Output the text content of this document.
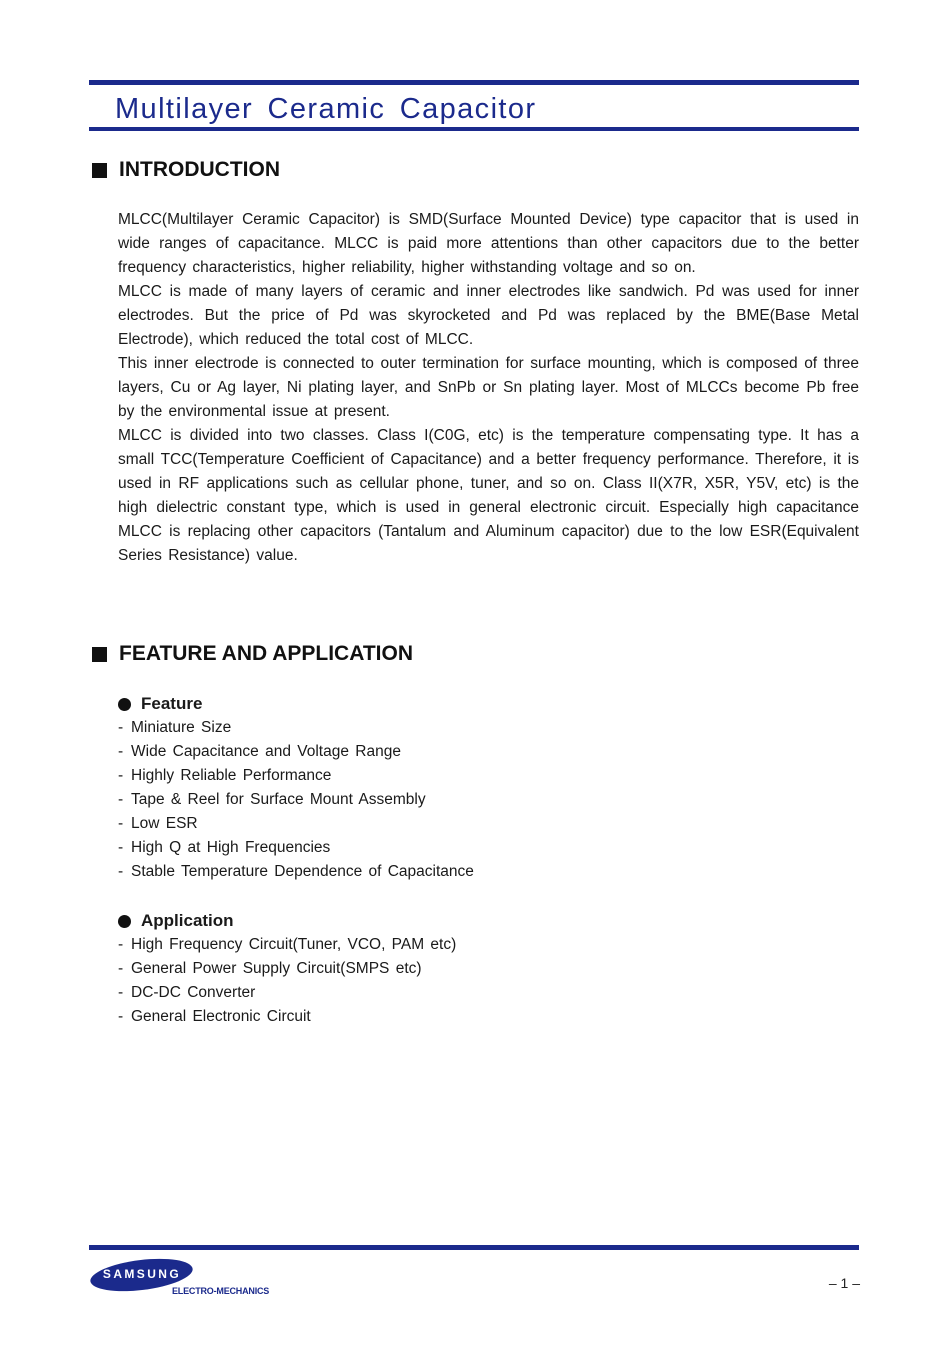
Multilayer Ceramic Capacitor
INTRODUCTION

MLCC(Multilayer Ceramic Capacitor) is SMD(Surface Mounted Device) type capacitor that is used in wide ranges of capacitance. MLCC is paid more attentions than other capacitors due to the better frequency characteristics, higher reliability, higher withstanding voltage and so on.

MLCC is made of many layers of ceramic and inner electrodes like sandwich. Pd was used for inner electrodes. But the price of Pd was skyrocketed and Pd was replaced by the BME(Base Metal Electrode), which reduced the total cost of MLCC.

This inner electrode is connected to outer termination for surface mounting, which is composed of three layers, Cu or Ag layer, Ni plating layer, and SnPb or Sn plating layer. Most of MLCCs become Pb free by the environmental issue at present.

MLCC is divided into two classes. Class I(C0G, etc) is the temperature compensating type. It has a small TCC(Temperature Coefficient of Capacitance) and a better frequency performance. Therefore, it is used in RF applications such as cellular phone, tuner, and so on. Class II(X7R, X5R, Y5V, etc) is the high dielectric constant type, which is used in general electronic circuit. Especially high capacitance MLCC is replacing other capacitors (Tantalum and Aluminum capacitor) due to the low ESR(Equivalent Series Resistance) value.

FEATURE AND APPLICATION
Feature
- Miniature Size
- Wide Capacitance and Voltage Range
- Highly Reliable Performance
- Tape & Reel for Surface Mount Assembly
- Low ESR
- High Q at High Frequencies
- Stable Temperature Dependence of Capacitance
Application
- High Frequency Circuit(Tuner, VCO, PAM etc)
- General Power Supply Circuit(SMPS etc)
- DC-DC Converter
- General Electronic Circuit
SAMSUNG
ELECTRO-MECHANICS	– 1 –
